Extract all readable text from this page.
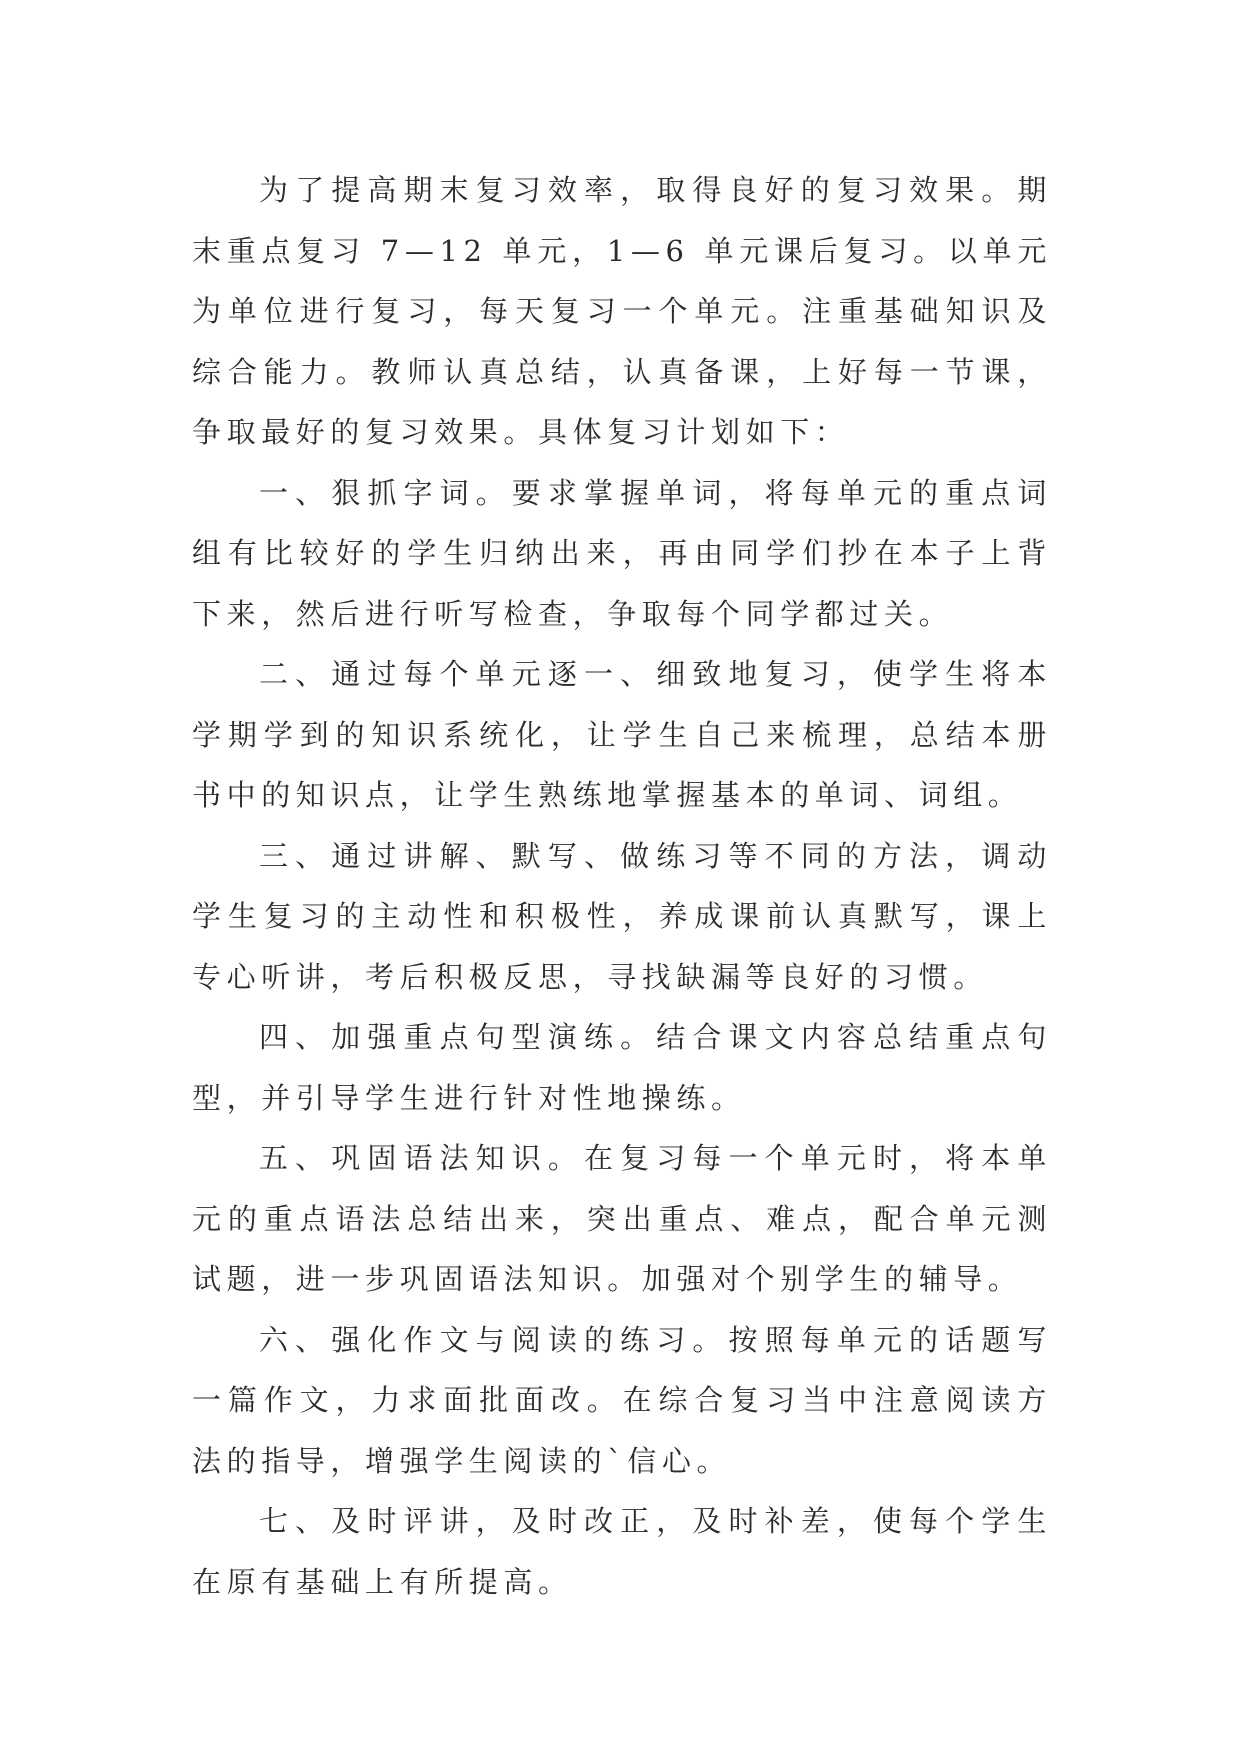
为了提高期末复习效率，取得良好的复习效果。期末重点复习 7—12 单元，1—6 单元课后复习。以单元为单位进行复习，每天复习一个单元。注重基础知识及综合能力。教师认真总结，认真备课，上好每一节课，争取最好的复习效果。具体复习计划如下：

一、狠抓字词。要求掌握单词，将每单元的重点词组有比较好的学生归纳出来，再由同学们抄在本子上背下来，然后进行听写检查，争取每个同学都过关。

二、通过每个单元逐一、细致地复习，使学生将本学期学到的知识系统化，让学生自己来梳理，总结本册书中的知识点，让学生熟练地掌握基本的单词、词组。

三、通过讲解、默写、做练习等不同的方法，调动学生复习的主动性和积极性，养成课前认真默写，课上专心听讲，考后积极反思，寻找缺漏等良好的习惯。

四、加强重点句型演练。结合课文内容总结重点句型，并引导学生进行针对性地操练。

五、巩固语法知识。在复习每一个单元时，将本单元的重点语法总结出来，突出重点、难点，配合单元测试题，进一步巩固语法知识。加强对个别学生的辅导。

六、强化作文与阅读的练习。按照每单元的话题写一篇作文，力求面批面改。在综合复习当中注意阅读方法的指导，增强学生阅读的`信心。

七、及时评讲，及时改正，及时补差，使每个学生在原有基础上有所提高。
